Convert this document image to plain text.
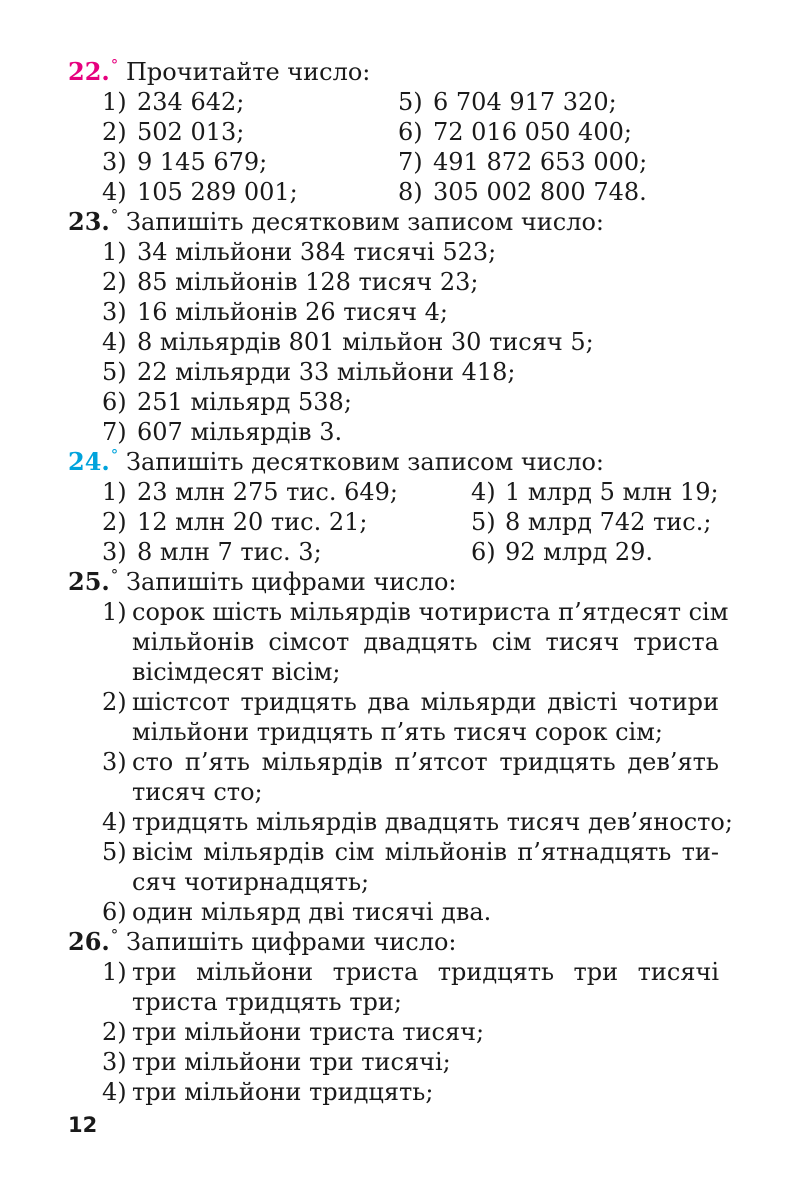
22.° Прочитайте число:
1) 234 642;	5) 6 704 917 320;
2) 502 013;	6) 72 016 050 400;
3) 9 145 679;	7) 491 872 653 000;
4) 105 289 001;	8) 305 002 800 748.
23.° Запишіть десятковим записом число:
1) 34 мільйони 384 тисячі 523;
2) 85 мільйонів 128 тисяч 23;
3) 16 мільйонів 26 тисяч 4;
4) 8 мільярдів 801 мільйон 30 тисяч 5;
5) 22 мільярди 33 мільйони 418;
6) 251 мільярд 538;
7) 607 мільярдів 3.
24.° Запишіть десятковим записом число:
1) 23 млн 275 тис. 649;	4) 1 млрд 5 млн 19;
2) 12 млн 20 тис. 21;	5) 8 млрд 742 тис.;
3) 8 млн 7 тис. 3;	6) 92 млрд 29.
25.° Запишіть цифрами число:
1) сорок шість мільярдів чотириста п’ятдесят сім
мільйонів сімсот двадцять сім тисяч триста
вісімдесят вісім;
2) шістсот тридцять два мільярди двісті чотири
мільйони тридцять п’ять тисяч сорок сім;
3) сто п’ять мільярдів п’ятсот тридцять дев’ять
тисяч сто;
4) тридцять мільярдів двадцять тисяч дев’яносто;
5) вісім мільярдів сім мільйонів п’ятнадцять ти-
сяч чотирнадцять;
6) один мільярд дві тисячі два.
26.° Запишіть цифрами число:
1) три мільйони триста тридцять три тисячі
триста тридцять три;
2) три мільйони триста тисяч;
3) три мільйони три тисячі;
4) три мільйони тридцять;
12
